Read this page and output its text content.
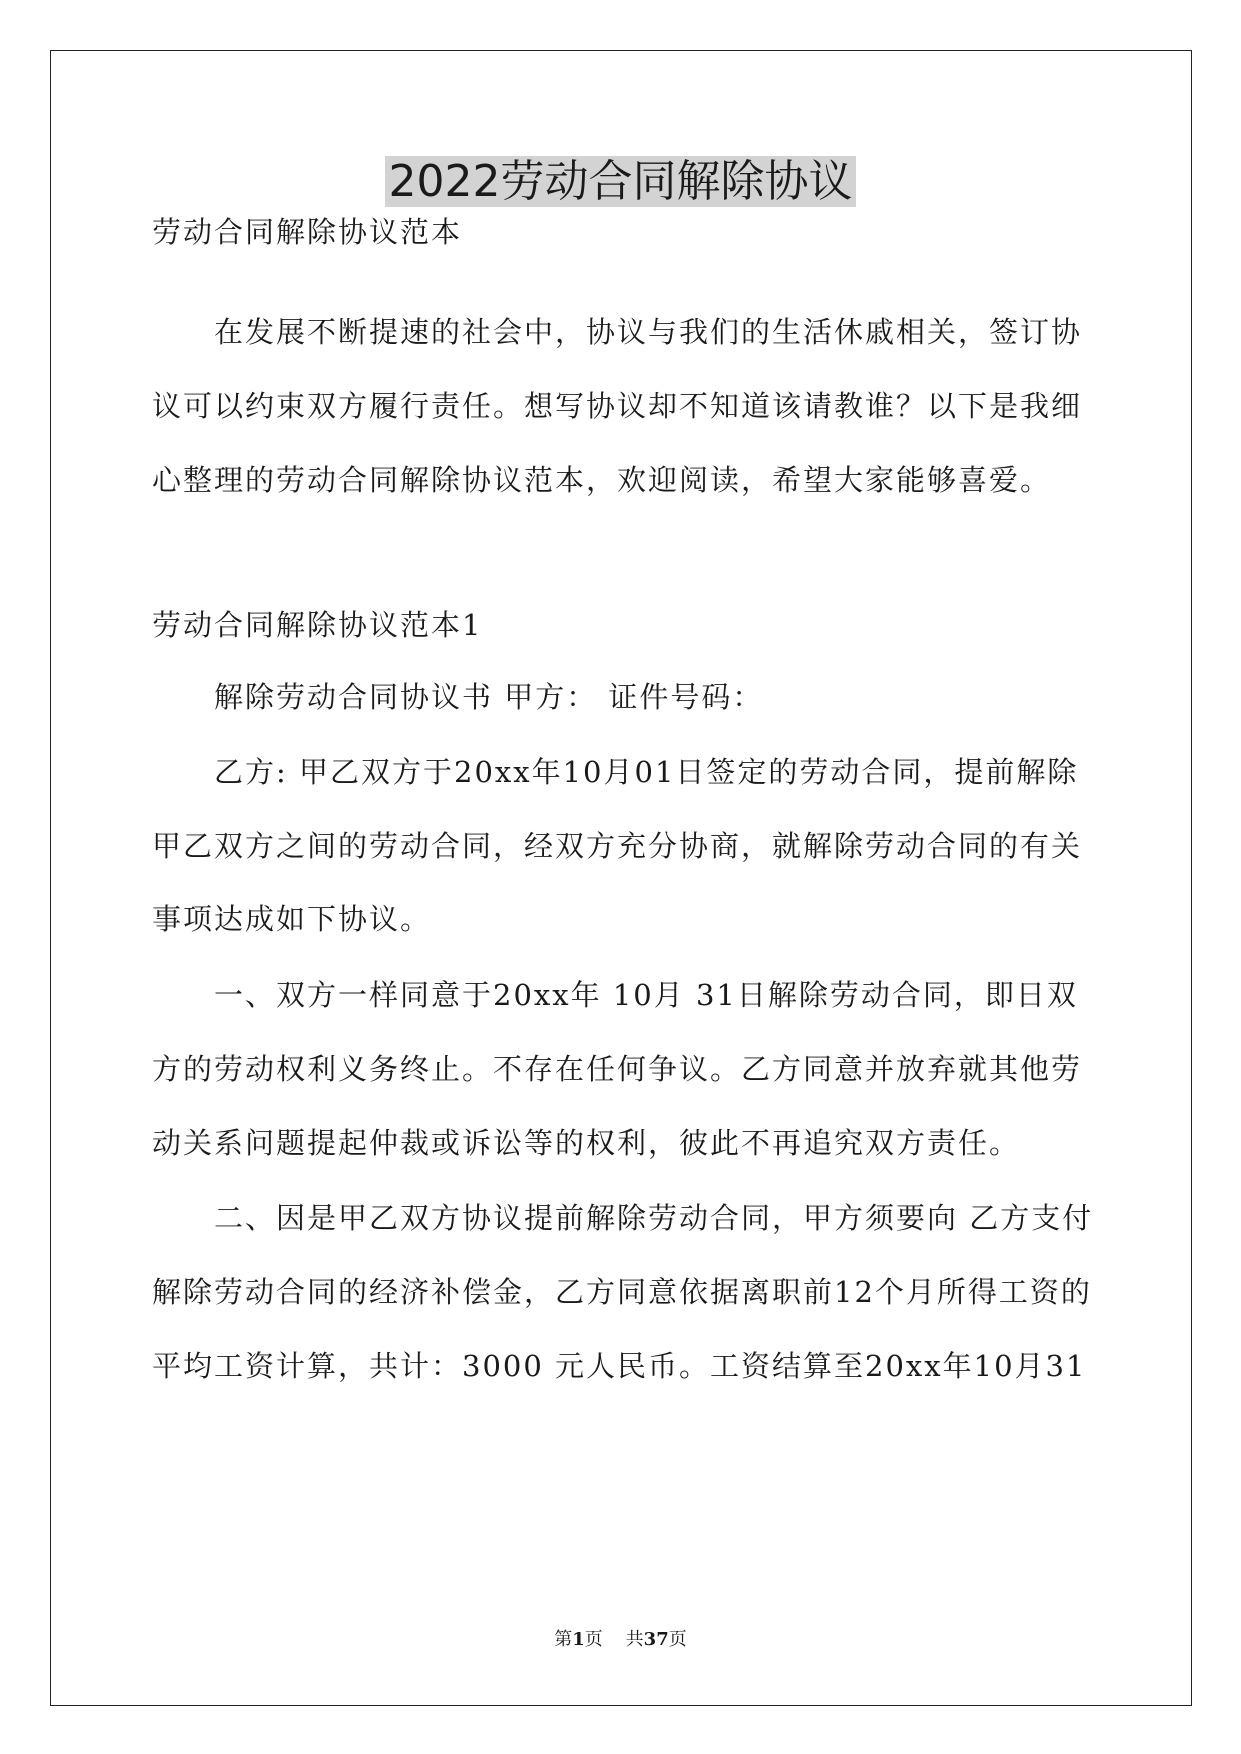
2022劳动合同解除协议
劳动合同解除协议范本
在发展不断提速的社会中，协议与我们的生活休戚相关，签订协
议可以约束双方履行责任。想写协议却不知道该请教谁？以下是我细
心整理的劳动合同解除协议范本，欢迎阅读，希望大家能够喜爱。
劳动合同解除协议范本1
解除劳动合同协议书 甲方： 证件号码：
乙方: 甲乙双方于20xx年10月01日签定的劳动合同，提前解除
甲乙双方之间的劳动合同，经双方充分协商，就解除劳动合同的有关
事项达成如下协议。
一、双方一样同意于20xx年 10月 31日解除劳动合同，即日双
方的劳动权利义务终止。不存在任何争议。乙方同意并放弃就其他劳
动关系问题提起仲裁或诉讼等的权利，彼此不再追究双方责任。
二、因是甲乙双方协议提前解除劳动合同，甲方须要向 乙方支付
解除劳动合同的经济补偿金，乙方同意依据离职前12个月所得工资的
平均工资计算，共计：3000 元人民币。工资结算至20xx年10月31
第1页    共37页
